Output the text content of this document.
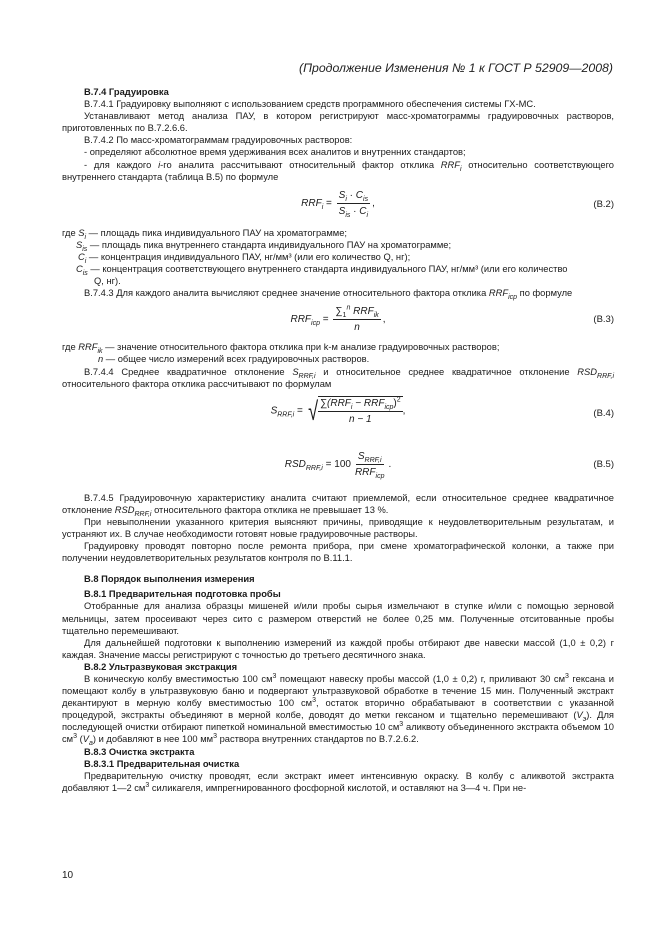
(Продолжение Изменения № 1 к ГОСТ Р 52909—2008)

В.7.4 Градуировка

В.7.4.1 Градуировку выполняют с использованием средств программного обеспечения системы ГХ-МС.

Устанавливают метод анализа ПАУ, в котором регистрируют масс-хроматограммы градуировочных растворов, приготовленных по В.7.2.6.6.

В.7.4.2 По масс-хроматограммам градуировочных растворов:

- определяют абсолютное время удерживания всех аналитов и внутренних стандартов;

- для каждого i-го аналита рассчитывают относительный фактор отклика $RRF_i$ относительно соответствующего внутреннего стандарта (таблица В.5) по формуле

$RRF_i = \frac{S_i \cdot C_{is}}{S_{is} \cdot C_i}$ ,	(B.2)

где $S_i$ — площадь пика индивидуального ПАУ на хроматограмме;

$S_{is}$ — площадь пика внутреннего стандарта индивидуального ПАУ на хроматограмме;

$C_i$ — концентрация индивидуального ПАУ, нг/мм³ (или его количество Q, нг);

$C_{is}$ — концентрация соответствующего внутреннего стандарта индивидуального ПАУ, нг/мм³ (или его количество

Q, нг).

В.7.4.3 Для каждого аналита вычисляют среднее значение относительного фактора отклика $RRF_{icp}$ по формуле

$RRF_{icp} = \frac{\sum_1^n RRF_{ik}}{n}$ ,	(B.3)

где $RRF_{ik}$ — значение относительного фактора отклика при k-м анализе градуировочных растворов;

n — общее число измерений всех градуировочных растворов.

В.7.4.4 Среднее квадратичное отклонение $S_{RRF,i}$ и относительное среднее квадратичное отклонение $RSD_{RRF,i}$ относительного фактора отклика рассчитывают по формулам

$S_{RRF,i}$ = √ $\frac{\sum(RRF_i - RRF_{icp})^2}{n - 1}$ ,	(B.4)
$RSD_{RRF,i} = 100 \frac{S_{RRF,i}}{RRF_{icp}}$ .	(B.5)

В.7.4.5 Градуировочную характеристику аналита считают приемлемой, если относительное среднее квадратичное отклонение $RSD_{RRF,i}$ относительного фактора отклика не превышает 13 %.

При невыполнении указанного критерия выясняют причины, приводящие к неудовлетворительным результатам, и устраняют их. В случае необходимости готовят новые градуировочные растворы.

Градуировку проводят повторно после ремонта прибора, при смене хроматографической колонки, а также при получении неудовлетворительных результатов контроля по В.11.1.

В.8 Порядок выполнения измерения

В.8.1 Предварительная подготовка пробы

Отобранные для анализа образцы мишеней и/или пробы сырья измельчают в ступке и/или с помощью зерновой мельницы, затем просеивают через сито с размером отверстий не более 0,25 мм. Полученные отситованные пробы тщательно перемешивают.

Для дальнейшей подготовки к выполнению измерений из каждой пробы отбирают две навески массой (1,0 ± 0,2) г каждая. Значение массы регистрируют с точностью до третьего десятичного знака.

В.8.2 Ультразвуковая экстракция

В коническую колбу вместимостью 100 $см^3$ помещают навеску пробы массой (1,0 ± 0,2) г, приливают 30 $см^3$ гексана и помещают колбу в ультразвуковую баню и подвергают ультразвуковой обработке в течение 15 мин. Полученный экстракт декантируют в мерную колбу вместимостью 100 $см^3$, остаток вторично обрабатывают в соответствии с указанной процедурой, экстракты объединяют в мерной колбе, доводят до метки гексаном и тщательно перемешивают $(V_э)$. Для последующей очистки отбирают пипеткой номинальной вместимостью 10 $см^3$ аликвоту объединенного экстракта объемом 10 $см^3$ $(V_a)$ и добавляют в нее 100 $мм^3$ раствора внутренних стандартов по В.7.2.6.2.

В.8.3 Очистка экстракта

В.8.3.1 Предварительная очистка

Предварительную очистку проводят, если экстракт имеет интенсивную окраску. В колбу с аликвотой экстракта добавляют 1—2 $см^3$ силикагеля, импрегнированного фосфорной кислотой, и оставляют на 3—4 ч. При не-

10
